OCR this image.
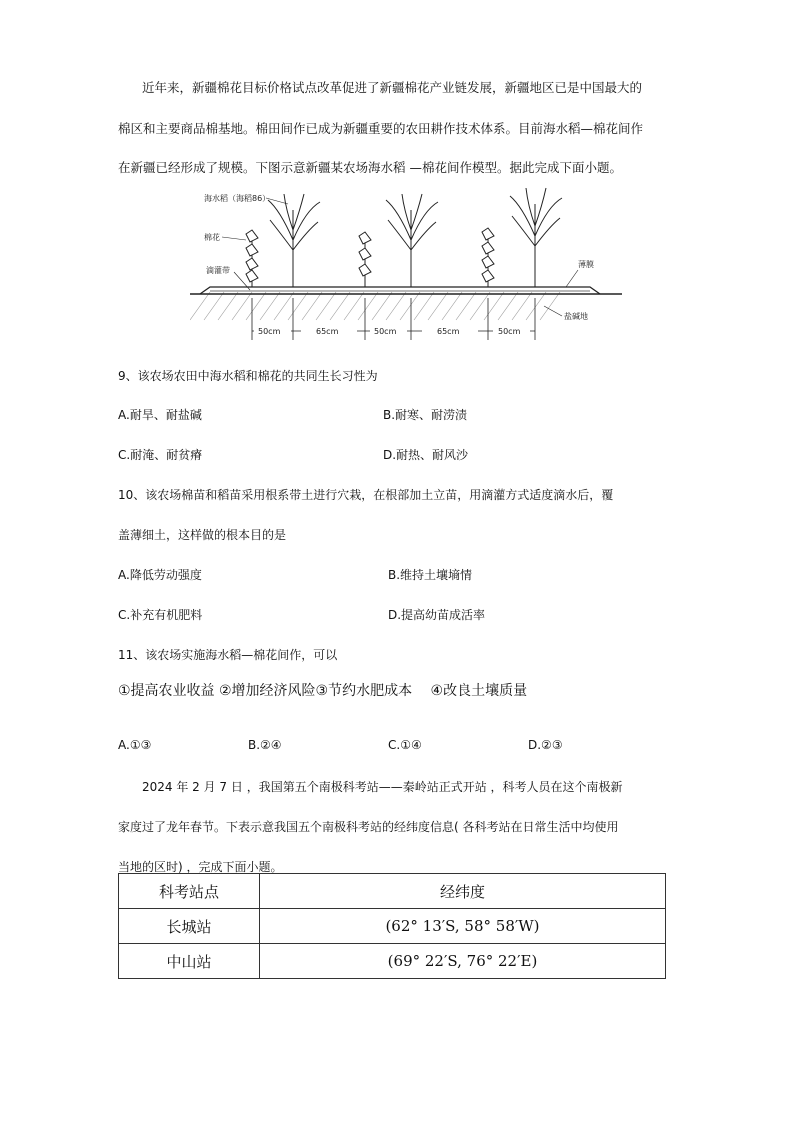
近年来，新疆棉花目标价格试点改革促进了新疆棉花产业链发展，新疆地区已是中国最大的
棉区和主要商品棉基地。棉田间作已成为新疆重要的农田耕作技术体系。目前海水稻—棉花间作
在新疆已经形成了规模。下图示意新疆某农场海水稻 —棉花间作模型。据此完成下面小题。
海水稻（海稻86）
棉花
滴灌带
薄膜
盐碱地
50cm	65cm	50cm	65cm	50cm
9、该农场农田中海水稻和棉花的共同生长习性为
A.耐旱、耐盐碱	B.耐寒、耐涝渍
C.耐淹、耐贫瘠	D.耐热、耐风沙
10、该农场棉苗和稻苗采用根系带土进行穴栽，在根部加土立苗，用滴灌方式适度滴水后，覆
盖薄细土，这样做的根本目的是
A.降低劳动强度	B.维持土壤墒情
C.补充有机肥料	D.提高幼苗成活率
11、该农场实施海水稻—棉花间作，可以
①提高农业收益 ②增加经济风险③节约水肥成本　 ④改良土壤质量
A.①③	B.②④	C.①④	D.②③
2024 年 2 月 7 日 ，我国第五个南极科考站——秦岭站正式开站 ，科考人员在这个南极新
家度过了龙年春节。下表示意我国五个南极科考站的经纬度信息( 各科考站在日常生活中均使用
当地的区时) ，完成下面小题。
科考站点	经纬度
长城站	(62° 13′S, 58° 58′W)
中山站	(69° 22′S, 76° 22′E)
